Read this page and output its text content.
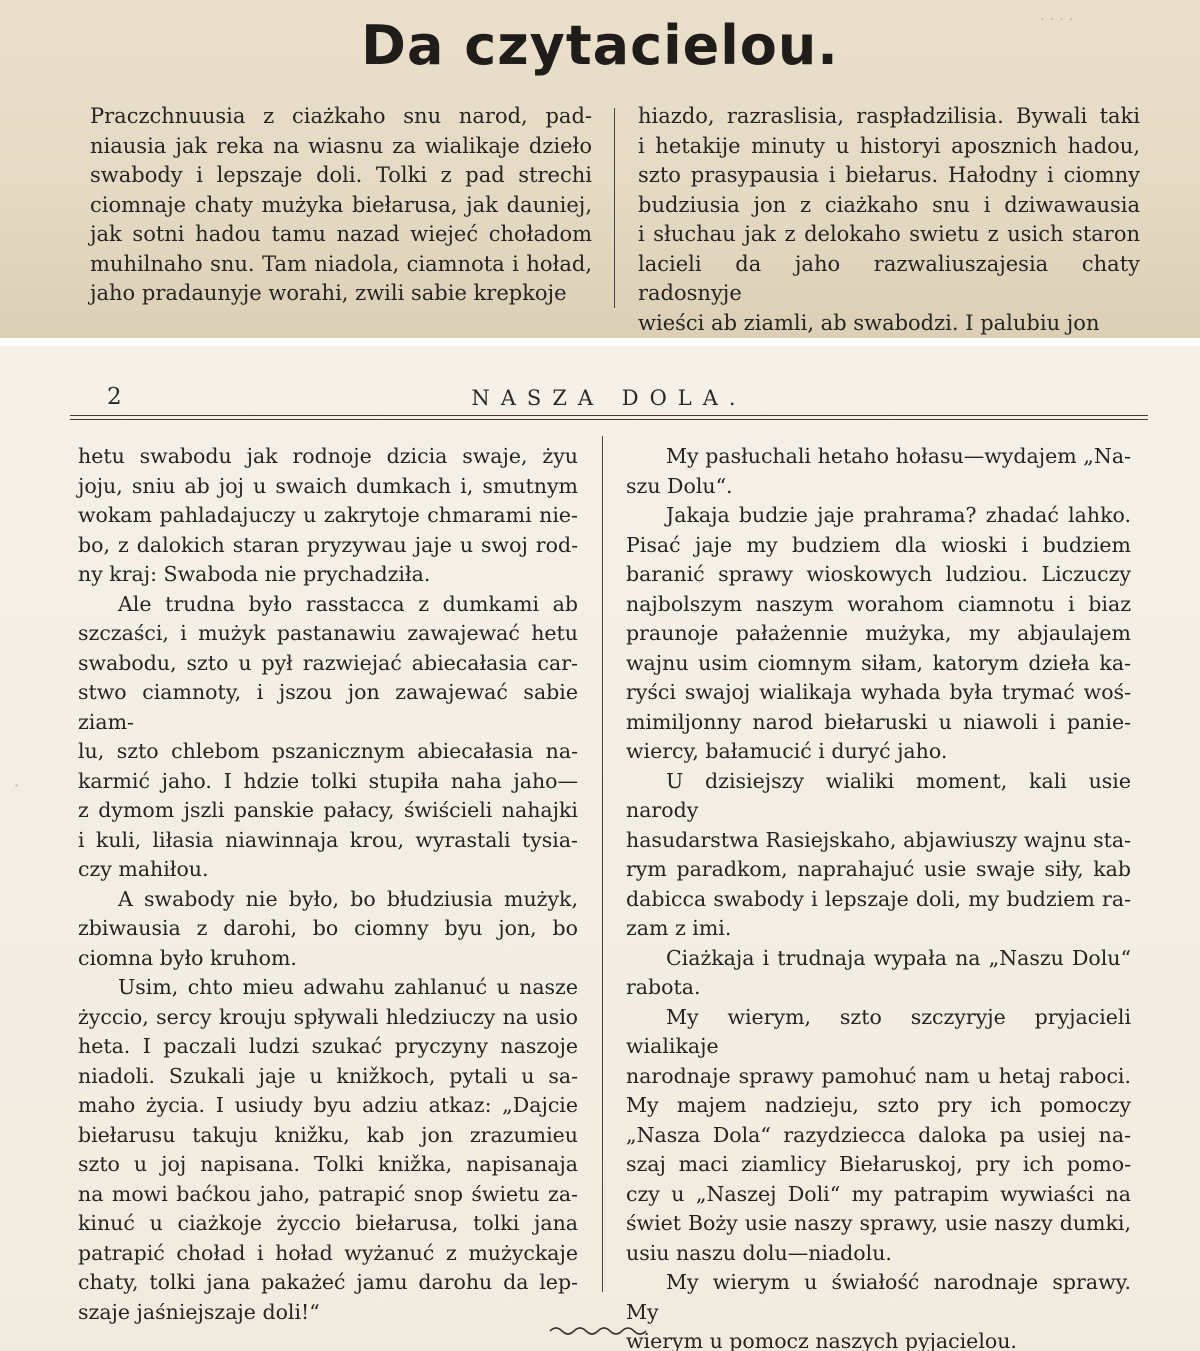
· · · ·
Da czytacielou.
Praczchnuusia z ciażkaho snu narod, pad-
niausia jak reka na wiasnu za wialikaje dzieło
swabody i lepszaje doli. Tolki z pad strechi
ciomnaje chaty mużyka biełarusa, jak dauniej,
jak sotni hadou tamu nazad wiejeć choładom
muhilnaho snu. Tam niadola, ciamnota i hoład,
jaho pradaunyje worahi, zwili sabie krepkoje
hiazdo, razraslisia, raspładzilisia. Bywali taki
i hetakije minuty u historyi aposznich hadou,
szto prasypausia i biełarus. Hałodny i ciomny
budziusia jon z ciażkaho snu i dziwawausia
i słuchau jak z delokaho swietu z usich staron
lacieli da jaho razwaliuszajesia chaty radosnyje
wieści ab ziamli, ab swabodzi. I palubiu jon
2	NASZA DOLA.
·
hetu swabodu jak rodnoje dzicia swaje, żyu
joju, sniu ab joj u swaich dumkach i, smutnym
wokam pahladajuczy u zakrytoje chmarami nie-
bo, z dalokich staran pryzywau jaje u swoj rod-
ny kraj: Swaboda nie prychadziła.
Ale trudna było rasstacca z dumkami ab
szczaści, i mużyk pastanawiu zawajewać hetu
swabodu, szto u pył razwiejać abiecałasia car-
stwo ciamnoty, i jszou jon zawajewać sabie ziam-
lu, szto chlebom pszanicznym abiecałasia na-
karmić jaho. I hdzie tolki stupiła naha jaho—
z dymom jszli panskie pałacy, świścieli nahajki
i kuli, liłasia niawinnaja krou, wyrastali tysia-
czy mahiłou.
A swabody nie było, bo błudziusia mużyk,
zbiwausia z darohi, bo ciomny byu jon, bo
ciomna było kruhom.
Usim, chto mieu adwahu zahlanuć u nasze
życcio, sercy krouju spływali hledziuczy na usio
heta. I paczali ludzi szukać pryczyny naszoje
niadoli. Szukali jaje u knižkoch, pytali u sa-
maho życia. I usiudy byu adziu atkaz: „Dajcie
biełarusu takuju knižku, kab jon zrazumieu
szto u joj napisana. Tolki knižka, napisanaja
na mowi baćkou jaho, patrapić snop świetu za-
kinuć u ciażkoje życcio biełarusa, tolki jana
patrapić choład i hoład wyżanuć z mużyckaje
chaty, tolki jana pakażeć jamu darohu da lep-
szaje jaśniejszaje doli!“
My pasłuchali hetaho hołasu—wydajem „Na-
szu Dolu“.
Jakaja budzie jaje prahrama? zhadać lahko.
Pisać jaje my budziem dla wioski i budziem
baranić sprawy wioskowych ludziou. Liczuczy
najbolszym naszym worahom ciamnotu i biaz
praunoje pałażennie mużyka, my abjaulajem
wajnu usim ciomnym siłam, katorym dzieła ka-
ryści swajoj wialikaja wyhada była trymać woś-
mimiljonny narod biełaruski u niawoli i panie-
wiercy, bałamucić i duryć jaho.
U dzisiejszy wialiki moment, kali usie narody
hasudarstwa Rasiejskaho, abjawiuszy wajnu sta-
rym paradkom, naprahajuć usie swaje siły, kab
dabicca swabody i lepszaje doli, my budziem ra-
zam z imi.
Ciażkaja i trudnaja wypała na „Naszu Dolu“
rabota.
My wierym, szto szczyryje pryjacieli wialikaje
narodnaje sprawy pamohuć nam u hetaj raboci.
My majem nadzieju, szto pry ich pomoczy
„Nasza Dola“ razydziecca daloka pa usiej na-
szaj maci ziamlicy Biełaruskoj, pry ich pomo-
czy u „Naszej Doli“ my patrapim wywiaści na
świet Boży usie naszy sprawy, usie naszy dumki,
usiu naszu dolu—niadolu.
My wierym u świałość narodnaje sprawy. My
wierym u pomocz naszych pyjacielou.
